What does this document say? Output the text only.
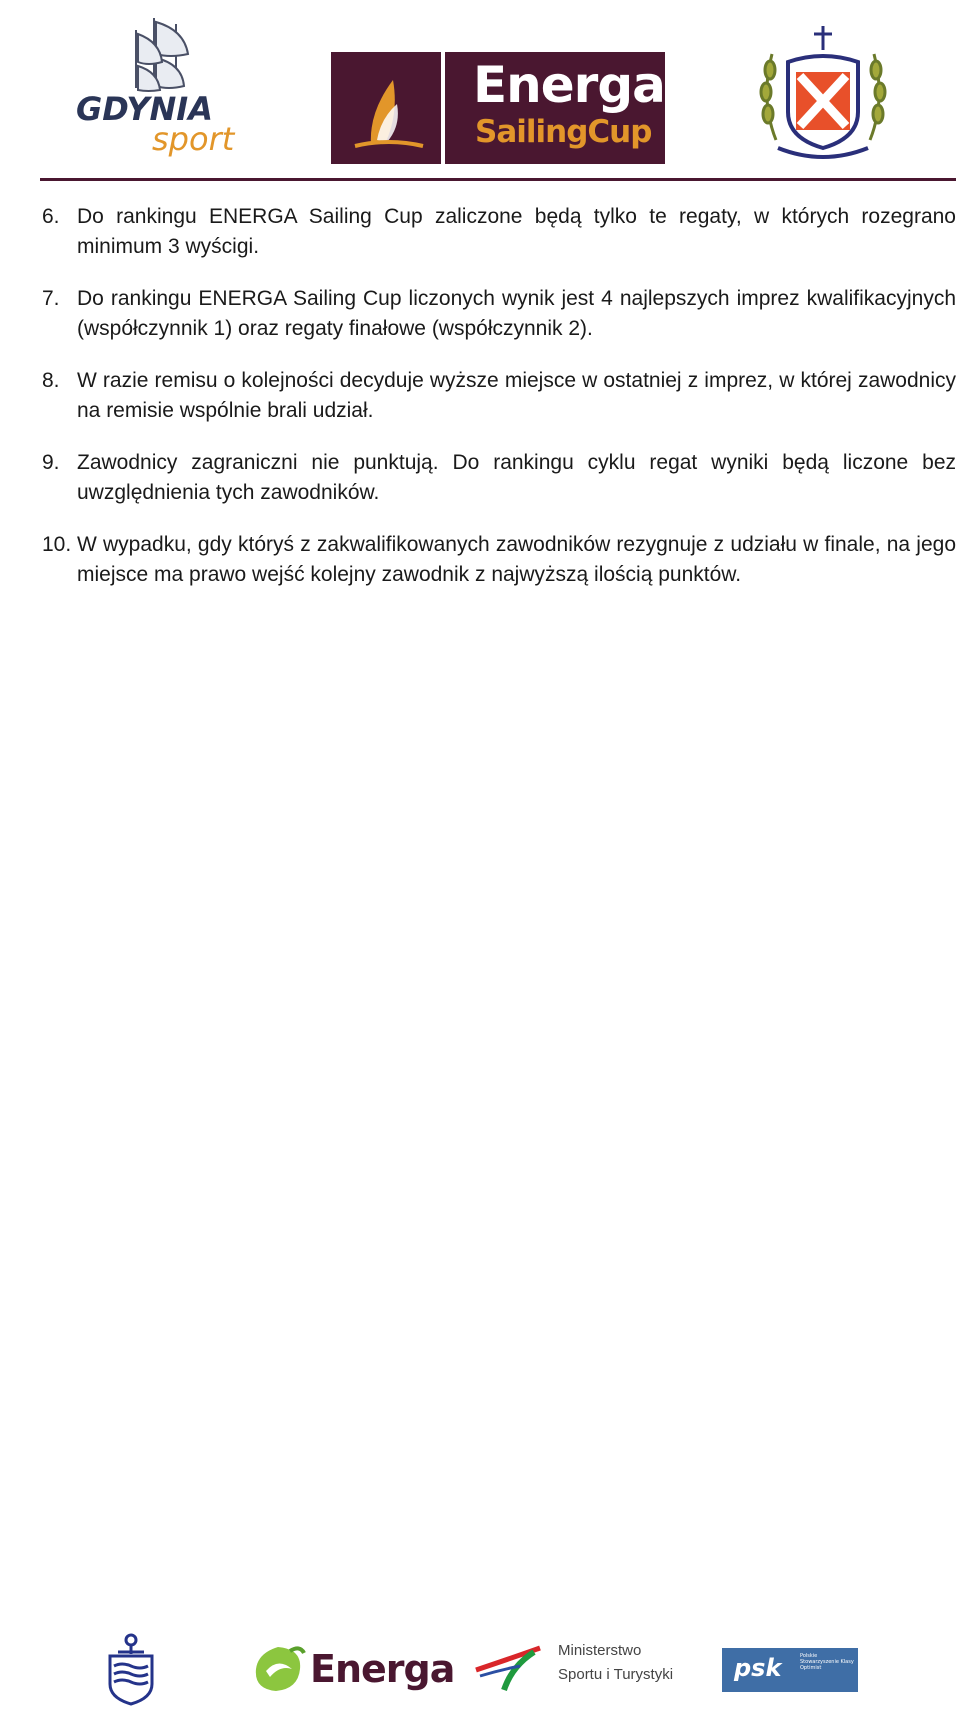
GDYNIA
sport
Energa
SailingCup
6. Do rankingu ENERGA Sailing Cup zaliczone będą tylko te regaty, w których rozegrano minimum 3 wyścigi.
7. Do rankingu ENERGA Sailing Cup liczonych wynik jest 4 najlepszych imprez kwalifikacyjnych (współczynnik 1) oraz regaty finałowe (współczynnik 2).
8. W razie remisu o kolejności decyduje wyższe miejsce w ostatniej z imprez, w której zawodnicy na remisie wspólnie brali udział.
9. Zawodnicy zagraniczni nie punktują. Do rankingu cyklu regat wyniki będą liczone bez uwzględnienia tych zawodników.
10. W wypadku, gdy któryś z zakwalifikowanych zawodników rezygnuje z udziału w finale, na jego miejsce ma prawo wejść kolejny zawodnik z najwyższą ilością punktów.
Energa	Ministerstwo
Sportu i Turystyki	psk	Polskie Stowarzyszenie Klasy Optimist
